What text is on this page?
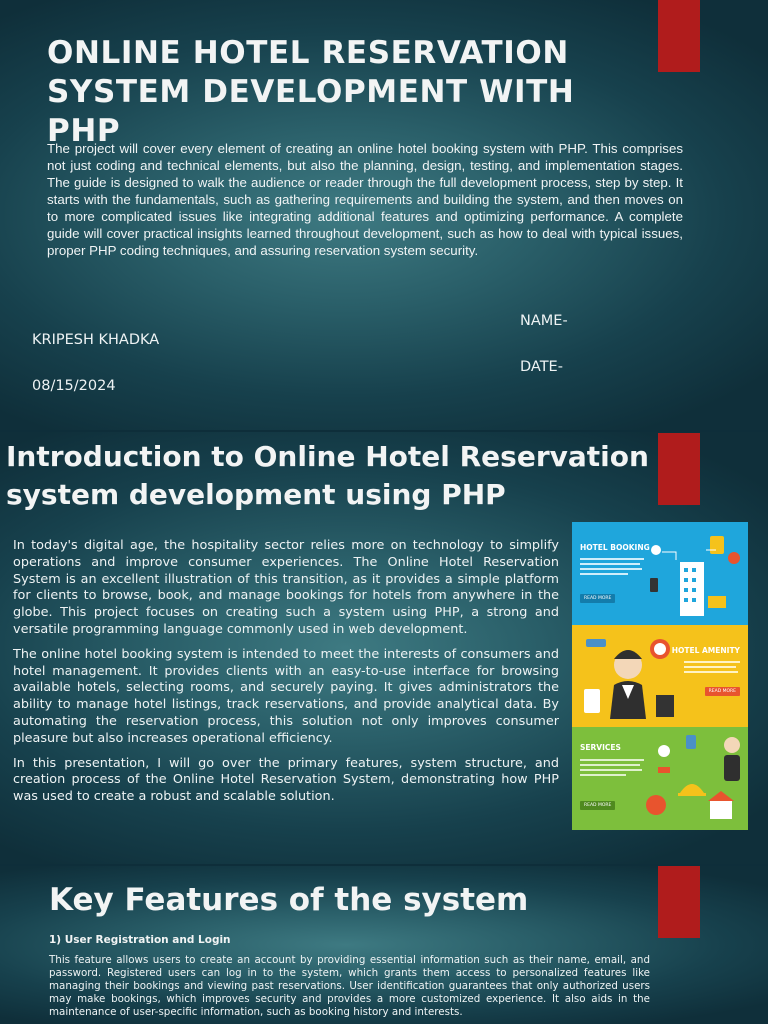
ONLINE HOTEL RESERVATION SYSTEM DEVELOPMENT WITH PHP

The project will cover every element of creating an online hotel booking system with PHP. This comprises not just coding and technical elements, but also the planning, design, testing, and implementation stages. The guide is designed to walk the audience or reader through the full development process, step by step. It starts with the fundamentals, such as gathering requirements and building the system, and then moves on to more complicated issues like integrating additional features and optimizing performance. A complete guide will cover practical insights learned throughout development, such as how to deal with typical issues, proper PHP coding techniques, and assuring reservation system security.

NAME-
KRIPESH KHADKA
DATE-
08/15/2024
Introduction to Online Hotel Reservation system development using PHP

In today's digital age, the hospitality sector relies more on technology to simplify operations and improve consumer experiences. The Online Hotel Reservation System is an excellent illustration of this transition, as it provides a simple platform for clients to browse, book, and manage bookings for hotels from anywhere in the globe. This project focuses on creating such a system using PHP, a strong and versatile programming language commonly used in web development.

The online hotel booking system is intended to meet the interests of consumers and hotel management. It provides clients with an easy-to-use interface for browsing available hotels, selecting rooms, and securely paying. It gives administrators the ability to manage hotel listings, track reservations, and provide analytical data. By automating the reservation process, this solution not only improves consumer pleasure but also increases operational efficiency.

In this presentation, I will go over the primary features, system structure, and creation process of the Online Hotel Reservation System, demonstrating how PHP was used to create a robust and scalable solution.

HOTEL BOOKING
READ MORE
HOTEL AMENITY
READ MORE
SERVICES
READ MORE
Key Features of the system
1) User Registration and Login

This feature allows users to create an account by providing essential information such as their name, email, and password. Registered users can log in to the system, which grants them access to personalized features like managing their bookings and viewing past reservations. User identification guarantees that only authorized users may make bookings, which improves security and provides a more customized experience. It also aids in the maintenance of user-specific information, such as booking history and interests.
